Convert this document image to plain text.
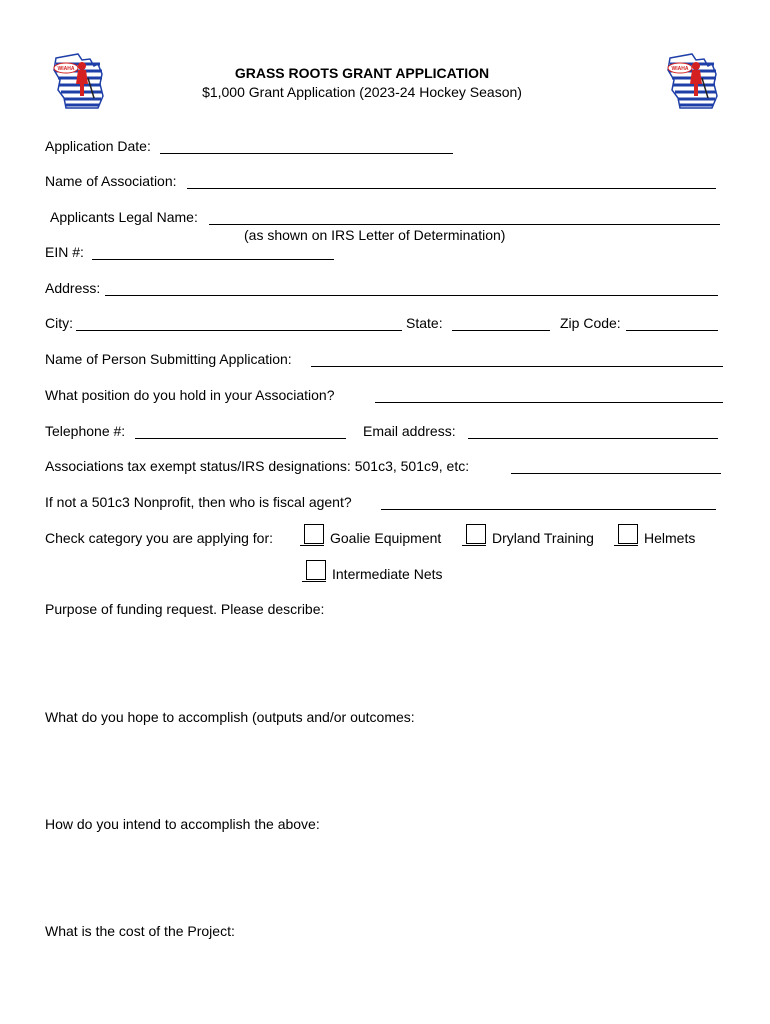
WIAHA	WIAHA
GRASS ROOTS GRANT APPLICATION
$1,000 Grant Application (2023-24 Hockey Season)
Application Date:
Name of Association:
Applicants Legal Name:
(as shown on IRS Letter of Determination)
EIN #:
Address:
City:	State:	Zip Code:
Name of Person Submitting Application:
What position do you hold in your Association?
Telephone #:	Email address:
Associations tax exempt status/IRS designations: 501c3, 501c9, etc:
If not a 501c3 Nonprofit, then who is fiscal agent?
Check category you are applying for:	Goalie Equipment	Dryland Training	Helmets
Intermediate Nets
Purpose of funding request. Please describe:
What do you hope to accomplish (outputs and/or outcomes:
How do you intend to accomplish the above:
What is the cost of the Project:
